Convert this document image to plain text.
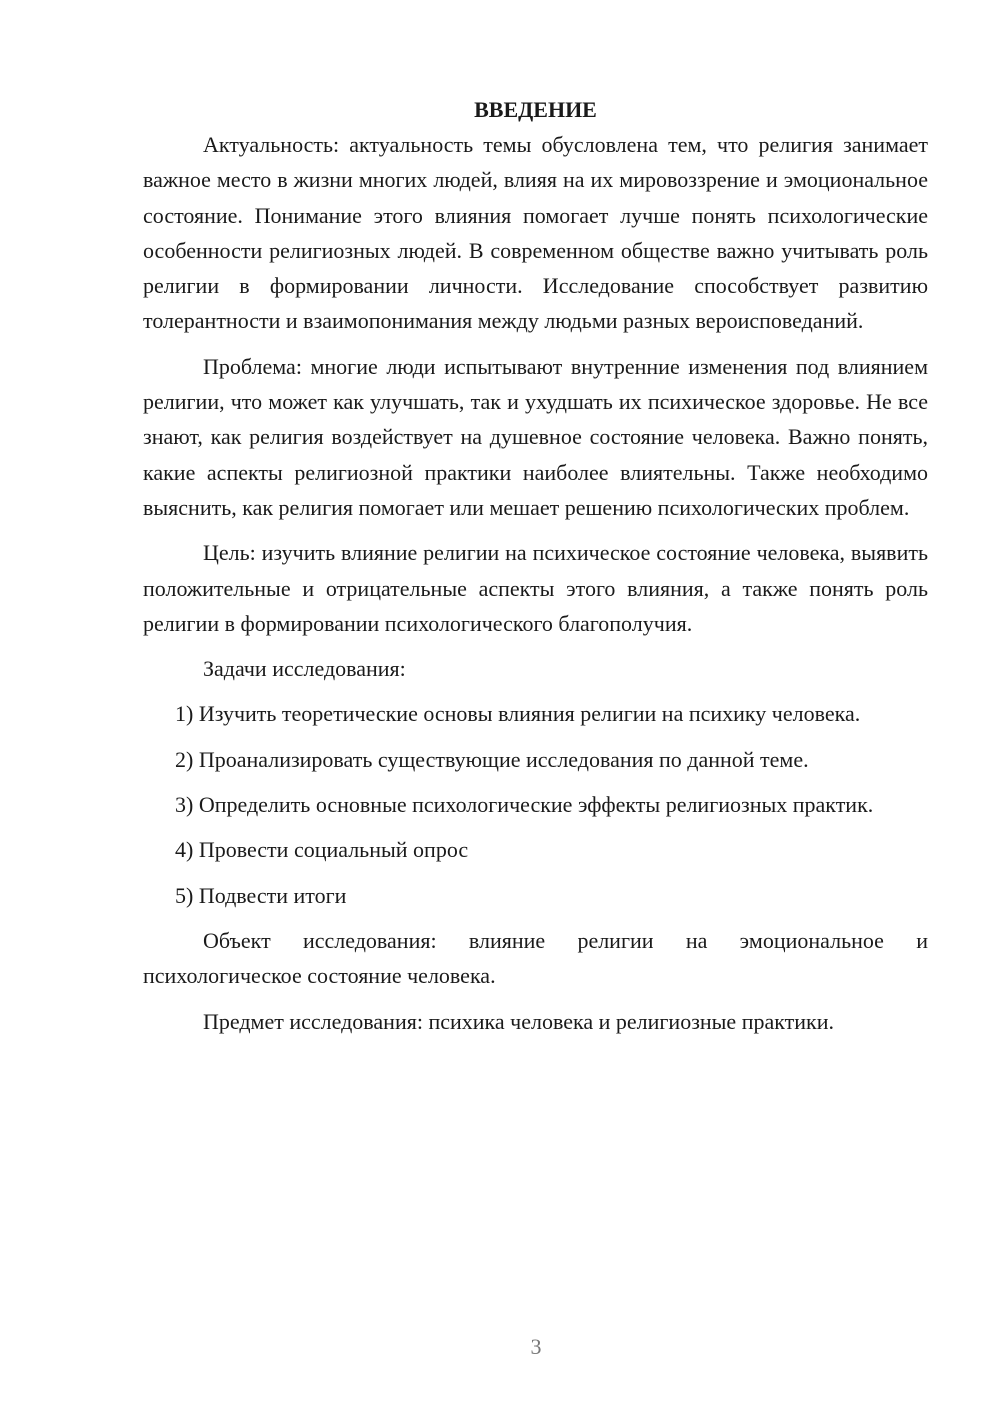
ВВЕДЕНИЕ

Актуальность: актуальность темы обусловлена тем, что религия занимает важное место в жизни многих людей, влияя на их мировоззрение и эмоциональное состояние. Понимание этого влияния помогает лучше понять психологические особенности религиозных людей. В современном обществе важно учитывать роль религии в формировании личности. Исследование способствует развитию толерантности и взаимопонимания между людьми разных вероисповеданий.

Проблема: многие люди испытывают внутренние изменения под влиянием религии, что может как улучшать, так и ухудшать их психическое здоровье. Не все знают, как религия воздействует на душевное состояние человека. Важно понять, какие аспекты религиозной практики наиболее влиятельны. Также необходимо выяснить, как религия помогает или мешает решению психологических проблем.

Цель: изучить влияние религии на психическое состояние человека, выявить положительные и отрицательные аспекты этого влияния, а также понять роль религии в формировании психологического благополучия.

Задачи исследования:

1) Изучить теоретические основы влияния религии на психику человека.

2) Проанализировать существующие исследования по данной теме.

3) Определить основные психологические эффекты религиозных практик.

4) Провести социальный опрос

5) Подвести итоги

Объект исследования: влияние религии на эмоциональное и психологическое состояние человека.

Предмет исследования: психика человека и религиозные практики.

3
